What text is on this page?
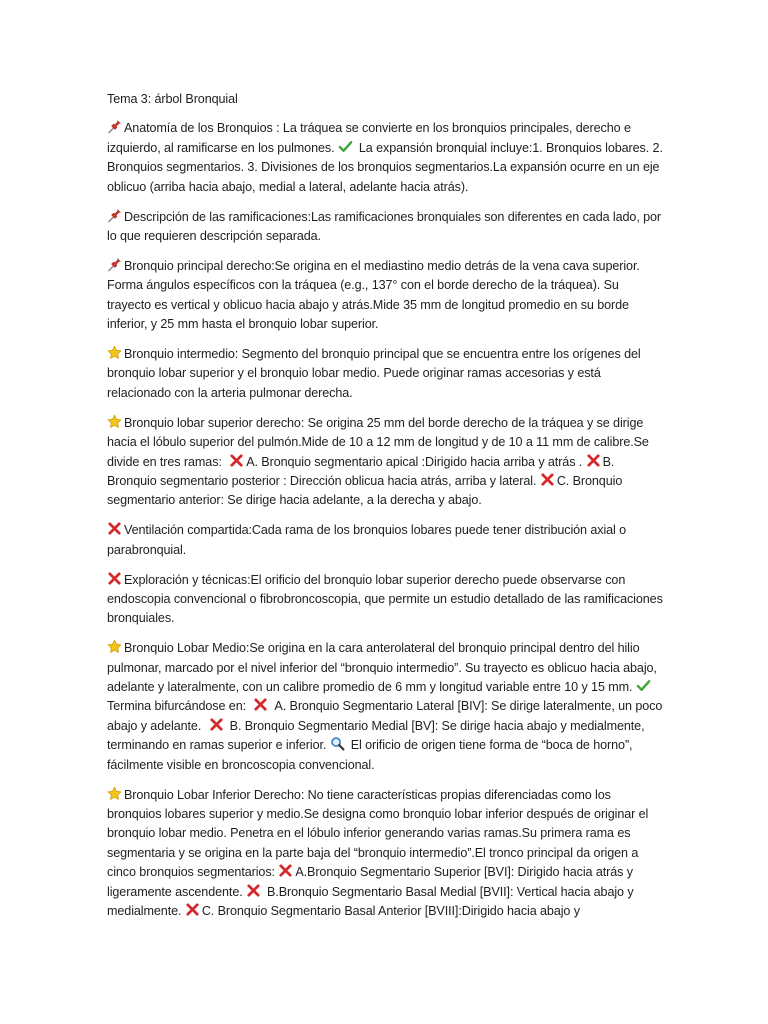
Tema 3: árbol Bronquial

Anatomía de los Bronquios : La tráquea se convierte en los bronquios principales, derecho e izquierdo, al ramificarse en los pulmones. La expansión bronquial incluye:1. Bronquios lobares. 2. Bronquios segmentarios. 3. Divisiones de los bronquios segmentarios.La expansión ocurre en un eje oblicuo (arriba hacia abajo, medial a lateral, adelante hacia atrás).

Descripción de las ramificaciones:Las ramificaciones bronquiales son diferentes en cada lado, por lo que requieren descripción separada.

Bronquio principal derecho:Se origina en el mediastino medio detrás de la vena cava superior. Forma ángulos específicos con la tráquea (e.g., 137° con el borde derecho de la tráquea). Su trayecto es vertical y oblicuo hacia abajo y atrás.Mide 35 mm de longitud promedio en su borde inferior, y 25 mm hasta el bronquio lobar superior.

Bronquio intermedio: Segmento del bronquio principal que se encuentra entre los orígenes del bronquio lobar superior y el bronquio lobar medio. Puede originar ramas accesorias y está relacionado con la arteria pulmonar derecha.

Bronquio lobar superior derecho: Se origina 25 mm del borde derecho de la tráquea y se dirige hacia el lóbulo superior del pulmón.Mide de 10 a 12 mm de longitud y de 10 a 11 mm de calibre.Se divide en tres ramas: A. Bronquio segmentario apical :Dirigido hacia arriba y atrás . B. Bronquio segmentario posterior : Dirección oblicua hacia atrás, arriba y lateral. C. Bronquio segmentario anterior: Se dirige hacia adelante, a la derecha y abajo.

Ventilación compartida:Cada rama de los bronquios lobares puede tener distribución axial o parabronquial.

Exploración y técnicas:El orificio del bronquio lobar superior derecho puede observarse con endoscopia convencional o fibrobroncoscopia, que permite un estudio detallado de las ramificaciones bronquiales.

Bronquio Lobar Medio:Se origina en la cara anterolateral del bronquio principal dentro del hilio pulmonar, marcado por el nivel inferior del “bronquio intermedio”. Su trayecto es oblicuo hacia abajo, adelante y lateralmente, con un calibre promedio de 6 mm y longitud variable entre 10 y 15 mm.
Termina bifurcándose en: A. Bronquio Segmentario Lateral [BIV]: Se dirige lateralmente, un poco abajo y adelante. B. Bronquio Segmentario Medial [BV]: Se dirige hacia abajo y medialmente, terminando en ramas superior e inferior. El orificio de origen tiene forma de “boca de horno”, fácilmente visible en broncoscopia convencional.

Bronquio Lobar Inferior Derecho: No tiene características propias diferenciadas como los bronquios lobares superior y medio.Se designa como bronquio lobar inferior después de originar el bronquio lobar medio. Penetra en el lóbulo inferior generando varias ramas.Su primera rama es segmentaria y se origina en la parte baja del “bronquio intermedio”.El tronco principal da origen a cinco bronquios segmentarios: A.Bronquio Segmentario Superior [BVI]: Dirigido hacia atrás y ligeramente ascendente. B.Bronquio Segmentario Basal Medial [BVII]: Vertical hacia abajo y medialmente. C. Bronquio Segmentario Basal Anterior [BVIII]:Dirigido hacia abajo y
